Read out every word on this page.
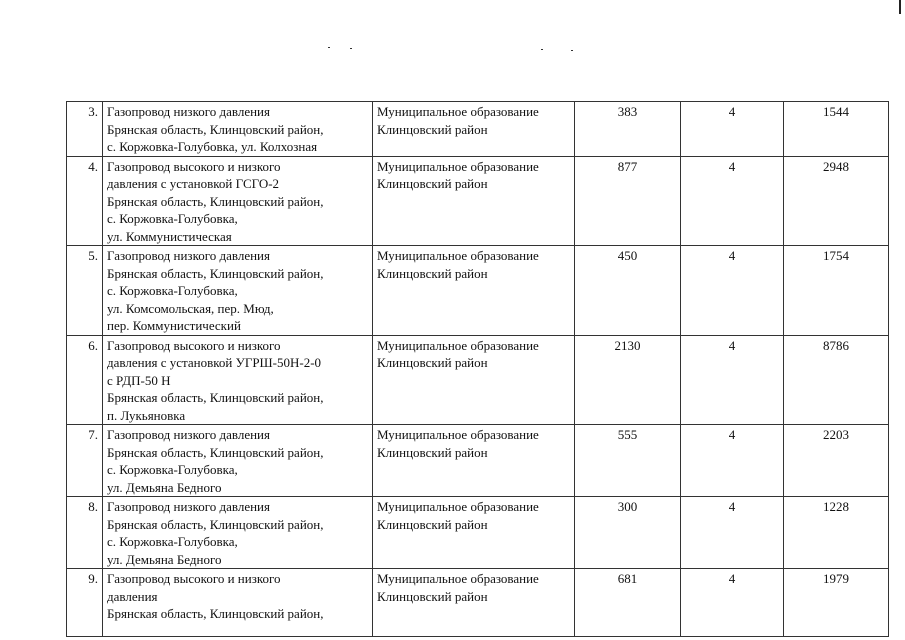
3.	Газопровод низкого давления
Брянская область, Клинцовский район,
с. Коржовка-Голубовка, ул. Колхозная	Муниципальное образование
Клинцовский район	383	4	1544
4.	Газопровод высокого и низкого
давления с установкой ГСГО-2
Брянская область, Клинцовский район,
с. Коржовка-Голубовка,
ул. Коммунистическая	Муниципальное образование
Клинцовский район	877	4	2948
5.	Газопровод низкого давления
Брянская область, Клинцовский район,
с. Коржовка-Голубовка,
ул. Комсомольская, пер. Мюд,
пер. Коммунистический	Муниципальное образование
Клинцовский район	450	4	1754
6.	Газопровод высокого и низкого
давления с установкой УГРШ-50Н-2-0
с РДП-50 Н
Брянская область, Клинцовский район,
п. Лукьяновка	Муниципальное образование
Клинцовский район	2130	4	8786
7.	Газопровод низкого давления
Брянская область, Клинцовский район,
с. Коржовка-Голубовка,
ул. Демьяна Бедного	Муниципальное образование
Клинцовский район	555	4	2203
8.	Газопровод низкого давления
Брянская область, Клинцовский район,
с. Коржовка-Голубовка,
ул. Демьяна Бедного	Муниципальное образование
Клинцовский район	300	4	1228
9.	Газопровод высокого и низкого
давления
Брянская область, Клинцовский район,	Муниципальное образование
Клинцовский район	681	4	1979
